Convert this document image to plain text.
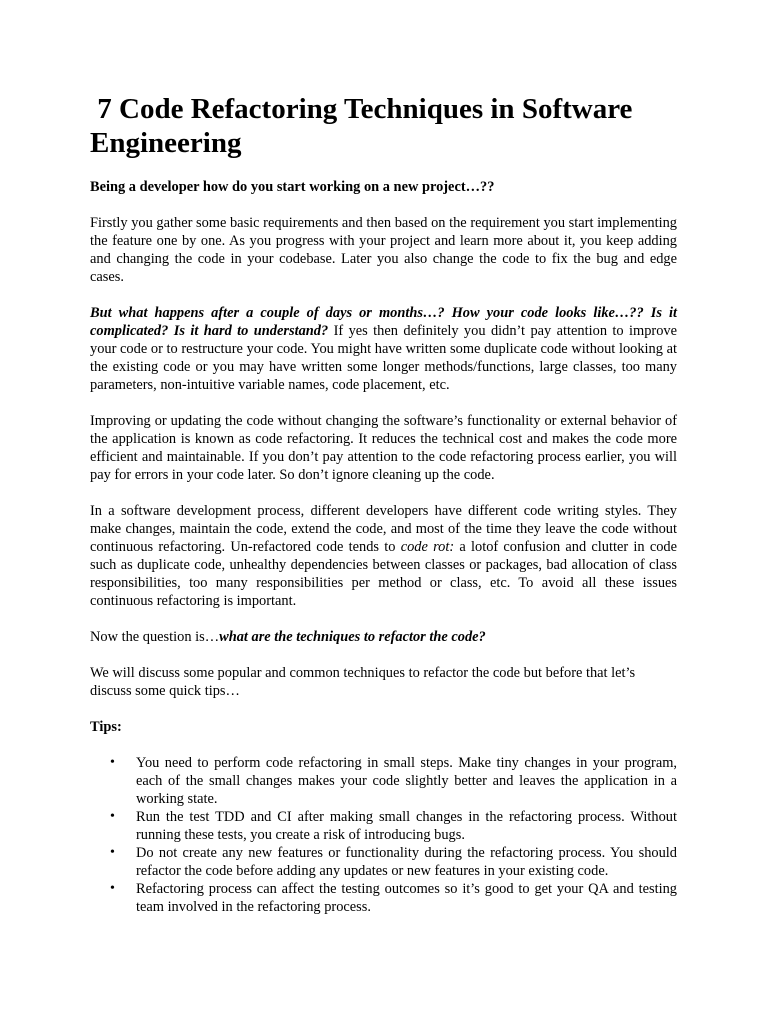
7 Code Refactoring Techniques in Software Engineering

Being a developer how do you start working on a new project…??

Firstly you gather some basic requirements and then based on the requirement you start implementing the feature one by one. As you progress with your project and learn more about it, you keep adding and changing the code in your codebase. Later you also change the code to fix the bug and edge cases.

But what happens after a couple of days or months…? How your code looks like…?? Is it complicated? Is it hard to understand? If yes then definitely you didn’t pay attention to improve your code or to restructure your code. You might have written some duplicate code without looking at the existing code or you may have written some longer methods/functions, large classes, too many parameters, non-intuitive variable names, code placement, etc.

Improving or updating the code without changing the software’s functionality or external behavior of the application is known as code refactoring. It reduces the technical cost and makes the code more efficient and maintainable. If you don’t pay attention to the code refactoring process earlier, you will pay for errors in your code later. So don’t ignore cleaning up the code.

In a software development process, different developers have different code writing styles. They make changes, maintain the code, extend the code, and most of the time they leave the code without continuous refactoring. Un-refactored code tends to code rot: a lotof confusion and clutter in code such as duplicate code, unhealthy dependencies between classes or packages, bad allocation of class responsibilities, too many responsibilities per method or class, etc. To avoid all these issues continuous refactoring is important.

Now the question is…what are the techniques to refactor the code?

We will discuss some popular and common techniques to refactor the code but before that let’s discuss some quick tips…

Tips:

• You need to perform code refactoring in small steps. Make tiny changes in your program, each of the small changes makes your code slightly better and leaves the application in a working state.
• Run the test TDD and CI after making small changes in the refactoring process. Without running these tests, you create a risk of introducing bugs.
• Do not create any new features or functionality during the refactoring process. You should refactor the code before adding any updates or new features in your existing code.
• Refactoring process can affect the testing outcomes so it’s good to get your QA and testing team involved in the refactoring process.
